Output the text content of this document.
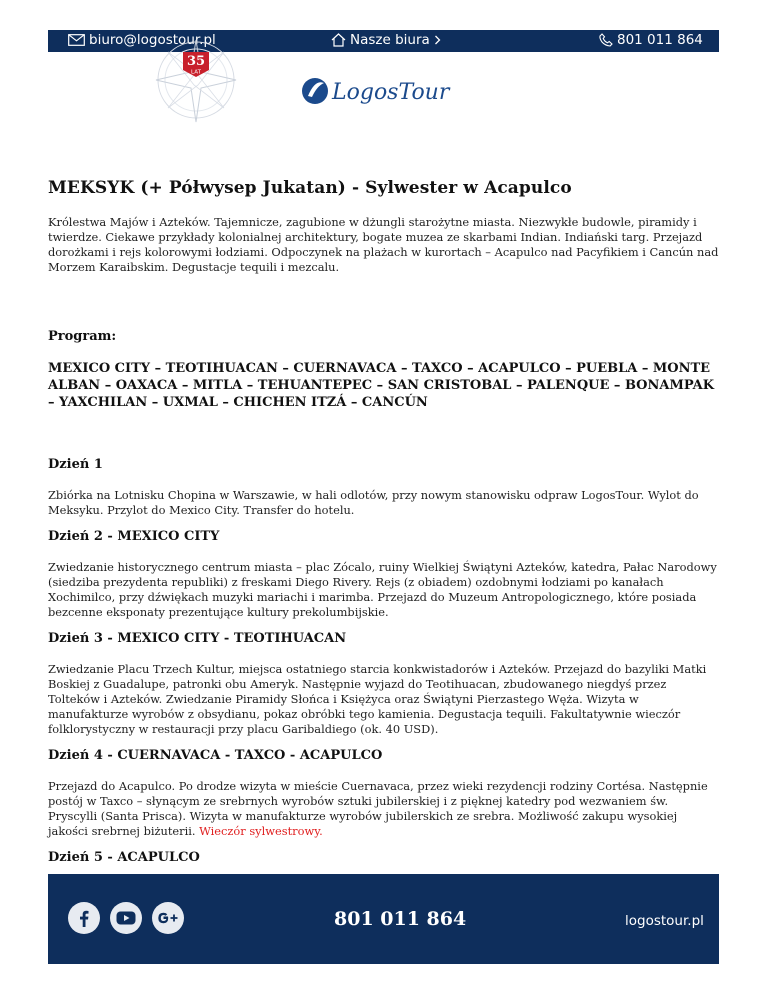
biuro@logostour.pl	Nasze biura	801 011 864
35
LAT
LogosTour
MEKSYK (+ Półwysep Jukatan) - Sylwester w Acapulco

Królestwa Majów i Azteków. Tajemnicze, zagubione w dżungli starożytne miasta. Niezwykłe budowle, piramidy i twierdze. Ciekawe przykłady kolonialnej architektury, bogate muzea ze skarbami Indian. Indiański targ. Przejazd dorożkami i rejs kolorowymi łodziami. Odpoczynek na plażach w kurortach – Acapulco nad Pacyfikiem i Cancún nad Morzem Karaibskim. Degustacje tequili i mezcalu.

Program:
MEXICO CITY – TEOTIHUACAN – CUERNAVACA – TAXCO – ACAPULCO – PUEBLA – MONTE ALBAN – OAXACA – MITLA – TEHUANTEPEC – SAN CRISTOBAL – PALENQUE – BONAMPAK – YAXCHILAN – UXMAL – CHICHEN ITZÁ – CANCÚN
Dzień 1

Zbiórka na Lotnisku Chopina w Warszawie, w hali odlotów, przy nowym stanowisku odpraw LogosTour. Wylot do Meksyku. Przylot do Mexico City. Transfer do hotelu.

Dzień 2 - MEXICO CITY

Zwiedzanie historycznego centrum miasta – plac Zócalo, ruiny Wielkiej Świątyni Azteków, katedra, Pałac Narodowy (siedziba prezydenta republiki) z freskami Diego Rivery. Rejs (z obiadem) ozdobnymi łodziami po kanałach Xochimilco, przy dźwiękach muzyki mariachi i marimba. Przejazd do Muzeum Antropologicznego, które posiada bezcenne eksponaty prezentujące kultury prekolumbijskie.

Dzień 3 - MEXICO CITY - TEOTIHUACAN

Zwiedzanie Placu Trzech Kultur, miejsca ostatniego starcia konkwistadorów i Azteków. Przejazd do bazyliki Matki Boskiej z Guadalupe, patronki obu Ameryk. Następnie wyjazd do Teotihuacan, zbudowanego niegdyś przez Tolteków i Azteków. Zwiedzanie Piramidy Słońca i Księżyca oraz Świątyni Pierzastego Węża. Wizyta w manufakturze wyrobów z obsydianu, pokaz obróbki tego kamienia. Degustacja tequili. Fakultatywnie wieczór folklorystyczny w restauracji przy placu Garibaldiego (ok. 40 USD).

Dzień 4 - CUERNAVACA - TAXCO - ACAPULCO

Przejazd do Acapulco. Po drodze wizyta w mieście Cuernavaca, przez wieki rezydencji rodziny Cortésa. Następnie postój w Taxco – słynącym ze srebrnych wyrobów sztuki jubilerskiej i z pięknej katedry pod wezwaniem św. Pryscylli (Santa Prisca). Wizyta w manufakturze wyrobów jubilerskich ze srebra. Możliwość zakupu wysokiej jakości srebrnej biżuterii. Wieczór sylwestrowy.

Dzień 5 - ACAPULCO

801 011 864	logostour.pl
